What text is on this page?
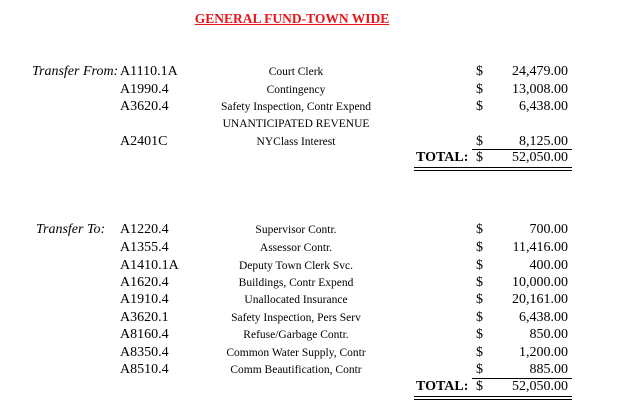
GENERAL FUND-TOWN WIDE
Transfer From: A1110.1A	Court Clerk	$ 24,479.00
A1990.4	Contingency	$ 13,008.00
A3620.4	Safety Inspection, Contr Expend	$	6,438.00
UNANTICIPATED REVENUE
A2401C	NYClass Interest	$	8,125.00
TOTAL: $ 52,050.00
Transfer To: A1220.4	Supervisor Contr.	$	700.00
A1355.4	Assessor Contr.	$ 11,416.00
A1410.1A	Deputy Town Clerk Svc.	$	400.00
A1620.4	Buildings, Contr Expend	$ 10,000.00
A1910.4	Unallocated Insurance	$ 20,161.00
A3620.1	Safety Inspection, Pers Serv	$	6,438.00
A8160.4	Refuse/Garbage Contr.	$	850.00
A8350.4	Common Water Supply, Contr	$	1,200.00
A8510.4	Comm Beautification, Contr	$	885.00
TOTAL: $ 52,050.00
